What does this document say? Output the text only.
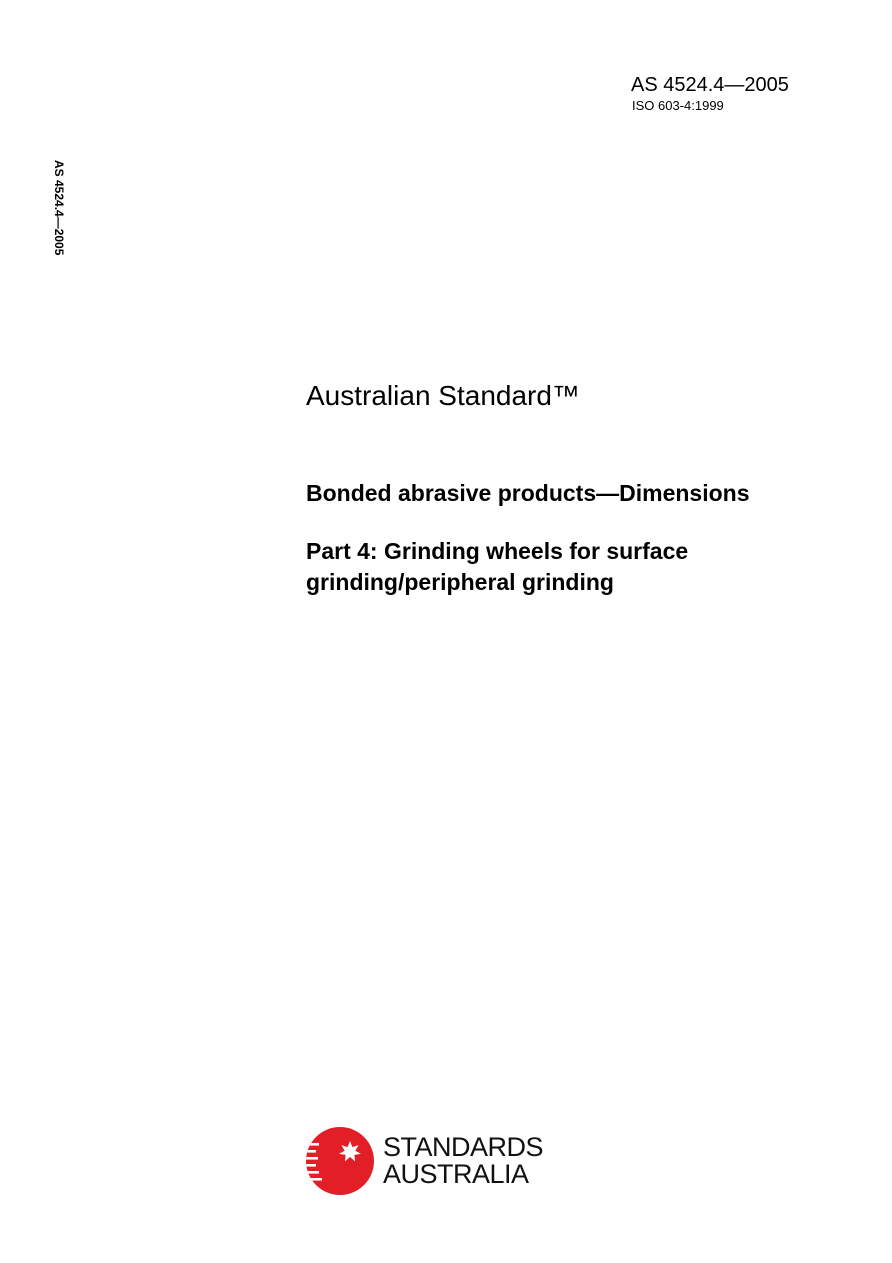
AS 4524.4—2005
ISO 603-4:1999
AS 4524.4—2005
Australian Standard™
Bonded abrasive products—Dimensions
Part 4: Grinding wheels for surface grinding/peripheral grinding
STANDARDS
AUSTRALIA
